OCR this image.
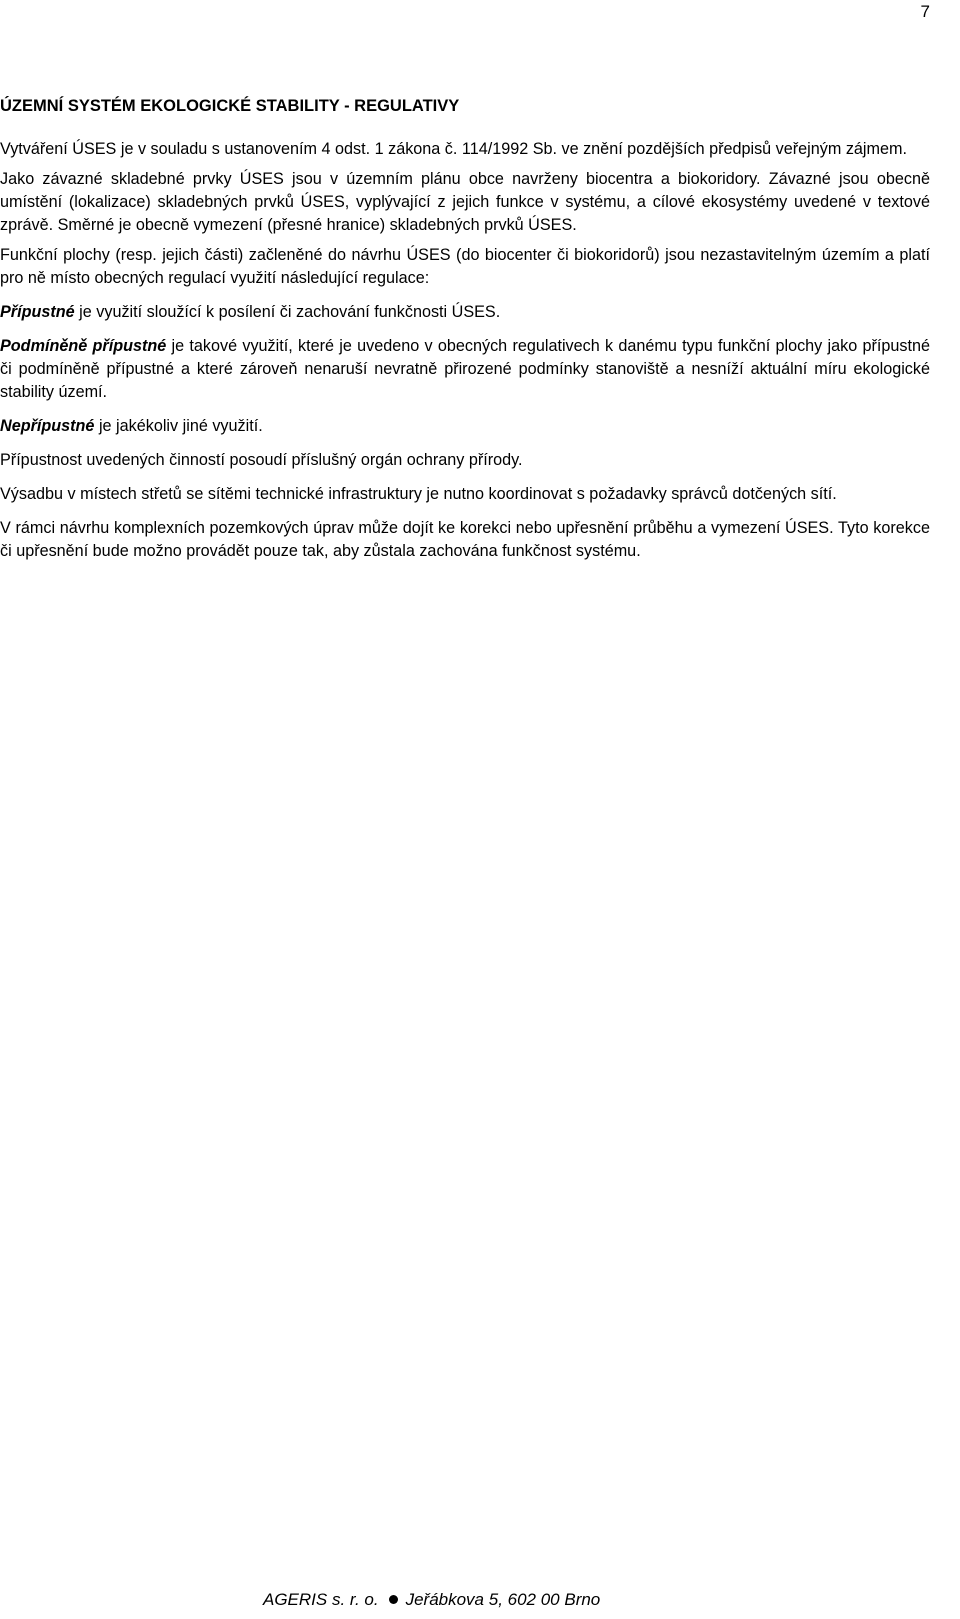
7
ÚZEMNÍ SYSTÉM EKOLOGICKÉ STABILITY - REGULATIVY

Vytváření ÚSES je v souladu s ustanovením 4 odst. 1 zákona č. 114/1992 Sb. ve znění pozdějších předpisů veřejným zájmem.

Jako závazné skladebné prvky ÚSES jsou v územním plánu obce navrženy biocentra a biokoridory. Závazné jsou obecně umístění (lokalizace) skladebných prvků ÚSES, vyplývající z jejich funkce v systému, a cílové ekosystémy uvedené v textové zprávě. Směrné je obecně vymezení (přesné hranice) skladebných prvků ÚSES.

Funkční plochy (resp. jejich části) začleněné do návrhu ÚSES (do biocenter či biokoridorů) jsou nezastavitelným územím a platí pro ně místo obecných regulací využití následující regulace:

Přípustné je využití sloužící k posílení či zachování funkčnosti ÚSES.

Podmíněně přípustné je takové využití, které je uvedeno v obecných regulativech k danému typu funkční plochy jako přípustné či podmíněně přípustné a které zároveň nenaruší nevratně přirozené podmínky stanoviště a nesníží aktuální míru ekologické stability území.

Nepřípustné je jakékoliv jiné využití.

Přípustnost uvedených činností posoudí příslušný orgán ochrany přírody.

Výsadbu v místech střetů se sítěmi technické infrastruktury je nutno koordinovat s požadavky správců dotčených sítí.

V rámci návrhu komplexních pozemkových úprav může dojít ke korekci nebo upřesnění průběhu a vymezení ÚSES. Tyto korekce či upřesnění bude možno provádět pouze tak, aby zůstala zachována funkčnost systému.

AGERIS s. r. o. Jeřábkova 5, 602 00 Brno
